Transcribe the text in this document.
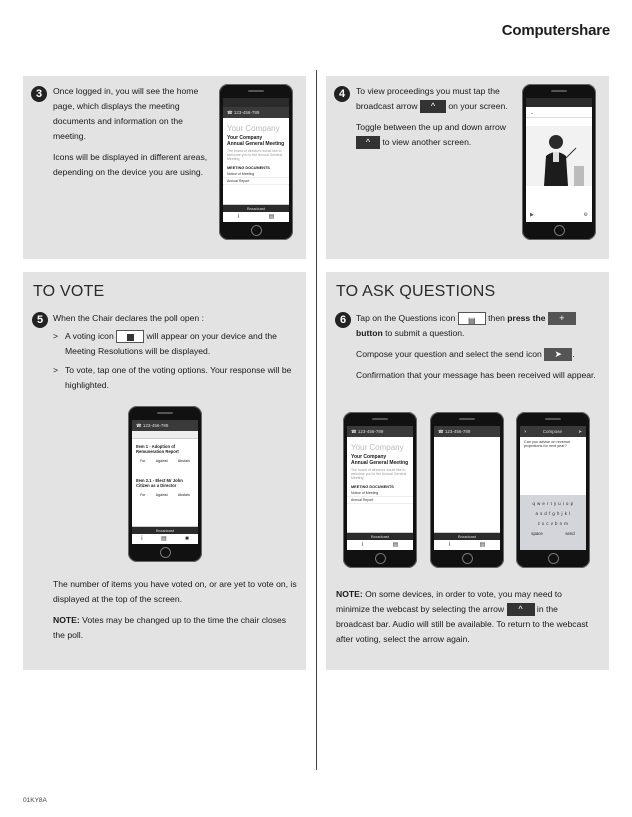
Computershare
3	Once logged in, you will see the home page, which displays the meeting documents and information on the meeting.

Icons will be displayed in different areas, depending on the device you are using.

☎ 123-456-789
Your Company
Your Company
Annual General Meeting
The board of directors would like to welcome you to the Annual General Meeting
MEETING DOCUMENTS
Notice of Meeting
Annual Report
Broadcast
i	▤
4	To view proceedings you must tap the broadcast arrow ^ on your screen.

Toggle between the up and down arrow ^ to view another screen.

⌄
▶	⚙
TO VOTE
5	When the Chair declares the poll open :
> A voting icon	will appear on your device and the Meeting Resolutions will be displayed.
> To vote, tap one of the voting options. Your response will be highlighted.
☎ 123-456-789
Item 1 - Adoption of Remuneration Report
For	Against	Abstain
Item 2.1 - Elect Mr John Citizen as a Director
For	Against	Abstain
Broadcast
i	▤	■

The number of items you have voted on, or are yet to vote on, is displayed at the top of the screen.

NOTE: Votes may be changed up to the time the chair closes the poll.

TO ASK QUESTIONS
6	Tap on the Questions icon ▤ then press the + button to submit a question.

Compose your question and select the send icon ➤ .

Confirmation that your message has been received will appear.

☎ 123-456-789
Your Company
Your Company
Annual General Meeting
The board of directors would like to welcome you to the Annual General Meeting
MEETING DOCUMENTS
Notice of Meeting
Annual Report
Broadcast
i	▤
☎ 123-456-789
Broadcast
i	▤
×	Compose	➤
Can you advise on revenue projections for next year?
q w e r t y u i o p
a s d f g h j k l
z x c v b n m
space	send

NOTE: On some devices, in order to vote, you may need to minimize the webcast by selecting the arrow ^ in the broadcast bar. Audio will still be available. To return to the webcast after voting, select the arrow again.

01KY8A
